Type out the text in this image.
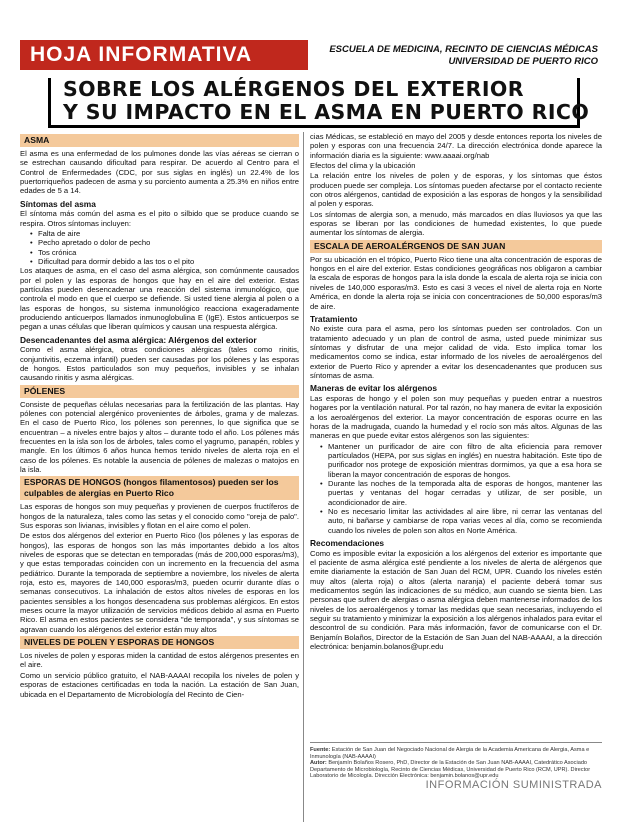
HOJA INFORMATIVA	ESCUELA DE MEDICINA, RECINTO DE CIENCIAS MÉDICAS
UNIVERSIDAD DE PUERTO RICO
SOBRE LOS ALÉRGENOS DEL EXTERIOR
Y SU IMPACTO EN EL ASMA EN PUERTO RICO
ASMA

El asma es una enfermedad de los pulmones donde las vías aéreas se cierran o se estrechan causando dificultad para respirar. De acuerdo al Centro para el Control de Enfermedades (CDC, por sus siglas en inglés) un 22.4% de los puertorriqueños padecen de asma y su porciento aumenta a 25.3% en niños entre edades de 5 a 14.

Síntomas del asma

El síntoma más común del asma es el pito o silbido que se produce cuando se respira. Otros síntomas incluyen:

• Falta de aire
• Pecho apretado o dolor de pecho
• Tos crónica
• Dificultad para dormir debido a las tos o el pito

Los ataques de asma, en el caso del asma alérgica, son comúnmente causados por el polen y las esporas de hongos que hay en el aire del exterior. Estas partículas pueden desencadenar una reacción del sistema inmunológico, que controla el modo en que el cuerpo se defiende. Si usted tiene alergia al polen o a las esporas de hongos, su sistema inmunológico reacciona exageradamente produciendo anticuerpos llamados inmunoglobulina E (IgE). Estos anticuerpos se pegan a unas células que liberan químicos y causan una respuesta alérgica.

Desencadenantes del asma alérgica: Alérgenos del exterior

Como el asma alérgica, otras condiciones alérgicas (tales como rinitis, conjuntivitis, eczema infantil) pueden ser causadas por los pólenes y las esporas de hongos. Estos particulados son muy pequeños, invisibles y se inhalan causando rinitis y asma alérgicas.

PÓLENES

Consiste de pequeñas células necesarias para la fertilización de las plantas. Hay pólenes con potencial alergénico provenientes de árboles, grama y de malezas. En el caso de Puerto Rico, los pólenes son perennes, lo que significa que se encuentran – a niveles entre bajos y altos – durante todo el año. Los pólenes más frecuentes en la isla son los de árboles, tales como el yagrumo, panapén, robles y mangle. En los últimos 6 años hunca hemos tenido niveles de alerta roja en el caso de los pólenes. Es notable la ausencia de pólenes de malezas o matojos en la isla.

ESPORAS DE HONGOS (hongos filamentosos) pueden ser los culpables de alergias en Puerto Rico

Las esporas de hongos son muy pequeñas y provienen de cuerpos fructíferos de hongos de la naturaleza, tales como las setas y el conocido como "oreja de palo". Sus esporas son livianas, invisibles y flotan en el aire como el polen.

De estos dos alérgenos del exterior en Puerto Rico (los pólenes y las esporas de hongos), las esporas de hongos son las más importantes debido a los altos niveles de esporas que se detectan en temporadas (más de 200,000 esporas/m3), y que estas temporadas coinciden con un incremento en la frecuencia del asma pediátrico. Durante la temporada de septiembre a noviembre, los niveles de alerta roja, esto es, mayores de 140,000 esporas/m3, pueden ocurrir durante días o semanas consecutivos. La inhalación de estos altos niveles de esporas en los pacientes sensibles a los hongos desencadena sus problemas alérgicos. En estos meses ocurre la mayor utilización de servicios médicos debido al asma en Puerto Rico. El asma en estos pacientes se considera "de temporada", y sus síntomas se agravan cuando los alérgenos del exterior están muy altos

NIVELES DE POLEN Y ESPORAS DE HONGOS

Los niveles de polen y esporas miden la cantidad de estos alérgenos presentes en el aire.

Como un servicio público gratuito, el NAB-AAAAI recopila los niveles de polen y esporas de estaciones certificadas en toda la nación. La estación de San Juan, ubicada en el Departamento de Microbiología del Recinto de Cien-

cias Médicas, se estableció en mayo del 2005 y desde entonces reporta los niveles de polen y esporas con una frecuencia 24/7. La dirección electrónica donde aparece la información diaria es la siguiente: www.aaaai.org/nab

Efectos del clima y la ubicación

La relación entre los niveles de polen y de esporas, y los síntomas que éstos producen puede ser compleja. Los síntomas pueden afectarse por el contacto reciente con otros alérgenos, cantidad de exposición a las esporas de hongos y la sensibilidad al polen y esporas.

Los síntomas de alergia son, a menudo, más marcados en días lluviosos ya que las esporas se liberan por las condiciones de humedad existentes, lo que puede aumentar los síntomas de alergia.

ESCALA DE AEROALÉRGENOS DE SAN JUAN

Por su ubicación en el trópico, Puerto Rico tiene una alta concentración de esporas de hongos en el aire del exterior. Estas condiciones geográficas nos obligaron a cambiar la escala de esporas de hongos para la isla donde la escala de alerta roja se inicia con niveles de 140,000 esporas/m3. Esto es casi 3 veces el nivel de alerta roja en Norte América, en donde la alerta roja se inicia con concentraciones de 50,000 esporas/m3 de aire.

Tratamiento

No existe cura para el asma, pero los síntomas pueden ser controlados. Con un tratamiento adecuado y un plan de control de asma, usted puede minimizar sus síntomas y disfrutar de una mejor calidad de vida. Esto implica tomar los medicamentos como se indica, estar informado de los niveles de aeroalérgenos del exterior de Puerto Rico y aprender a evitar los desencadenantes que producen sus síntomas de asma.

Maneras de evitar los alérgenos

Las esporas de hongo y el polen son muy pequeñas y pueden entrar a nuestros hogares por la ventilación natural. Por tal razón, no hay manera de evitar la exposición a los aeroalérgenos del exterior. La mayor concentración de esporas ocurre en las horas de la madrugada, cuando la humedad y el rocío son más altos. Algunas de las maneras en que puede evitar estos alérgenos son las siguientes:

• Mantener un purificador de aire con filtro de alta eficiencia para remover partículados (HEPA, por sus siglas en inglés) en nuestra habitación. Este tipo de purificador nos protege de exposición mientras dormimos, ya que a esa hora se liberan la mayor concentración de esporas de hongos.
• Durante las noches de la temporada alta de esporas de hongos, mantener las puertas y ventanas del hogar cerradas y utilizar, de ser posible, un acondicionador de aire.
• No es necesario limitar las actividades al aire libre, ni cerrar las ventanas del auto, ni bañarse y cambiarse de ropa varias veces al día, como se recomienda cuando los niveles de polen son altos en Norte América.
Recomendaciones

Como es imposible evitar la exposición a los alérgenos del exterior es importante que el paciente de asma alérgica esté pendiente a los niveles de alerta de alérgenos que emite diariamente la estación de San Juan del RCM, UPR. Cuando los niveles estén muy altos (alerta roja) o altos (alerta naranja) el paciente deberá tomar sus medicamentos según las indicaciones de su médico, aun cuando se sienta bien. Las personas que sufren de alergias o asma alérgica deben mantenerse informados de los niveles de los aeroalérgenos y tomar las medidas que sean necesarias, incluyendo el seguir su tratamiento y minimizar la exposición a los alérgenos inhalados para evitar el descontrol de su condición. Para más información, favor de comunicarse con el Dr. Benjamín Bolaños, Director de la Estación de San Juan del NAB-AAAAI, a la dirección electrónica: benjamin.bolanos@upr.edu

Fuente: Estación de San Juan del Negociado Nacional de Alergia de la Academia Americana de Alergia, Asma e Inmunología (NAB-AAAAI)
Autor: Benjamín Bolaños Rosero, PhD, Director de la Estación de San Juan NAB-AAAAI, Catedrático Asociado Departamento de Microbiología, Recinto de Ciencias Médicas, Universidad de Puerto Rico (RCM, UPR). Director Laboratorio de Micología. Dirección Electrónica: benjamin.bolanos@upr.edu
INFORMACIÓN SUMINISTRADA
